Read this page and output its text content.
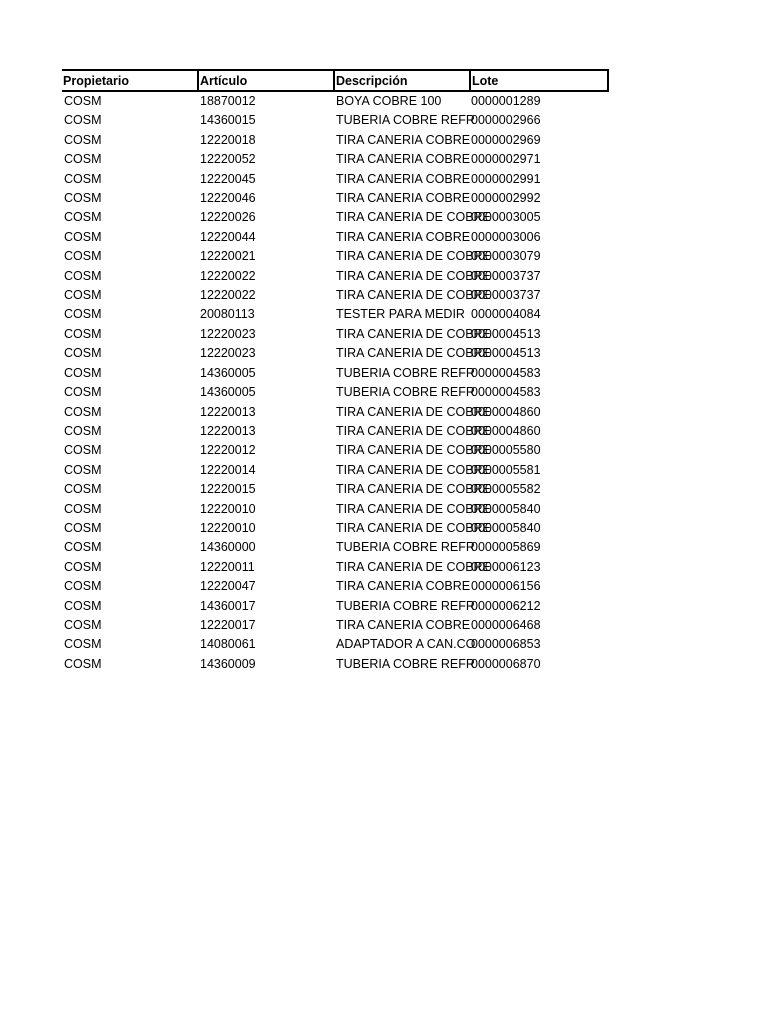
Propietario	Artículo	Descripción	Lote
COSM	18870012	BOYA COBRE 100	0000001289
COSM	14360015	TUBERIA COBRE REFR	0000002966
COSM	12220018	TIRA CANERIA COBRE	0000002969
COSM	12220052	TIRA CANERIA COBRE	0000002971
COSM	12220045	TIRA CANERIA COBRE	0000002991
COSM	12220046	TIRA CANERIA COBRE	0000002992
COSM	12220026	TIRA CANERIA DE COBRE	0000003005
COSM	12220044	TIRA CANERIA COBRE	0000003006
COSM	12220021	TIRA CANERIA DE COBRE	0000003079
COSM	12220022	TIRA CANERIA DE COBRE	0000003737
COSM	12220022	TIRA CANERIA DE COBRE	0000003737
COSM	20080113	TESTER PARA MEDIR	0000004084
COSM	12220023	TIRA CANERIA DE COBRE	0000004513
COSM	12220023	TIRA CANERIA DE COBRE	0000004513
COSM	14360005	TUBERIA COBRE REFR	0000004583
COSM	14360005	TUBERIA COBRE REFR	0000004583
COSM	12220013	TIRA CANERIA DE COBRE	0000004860
COSM	12220013	TIRA CANERIA DE COBRE	0000004860
COSM	12220012	TIRA CANERIA DE COBRE	0000005580
COSM	12220014	TIRA CANERIA DE COBRE	0000005581
COSM	12220015	TIRA CANERIA DE COBRE	0000005582
COSM	12220010	TIRA CANERIA DE COBRE	0000005840
COSM	12220010	TIRA CANERIA DE COBRE	0000005840
COSM	14360000	TUBERIA COBRE REFR	0000005869
COSM	12220011	TIRA CANERIA DE COBRE	0000006123
COSM	12220047	TIRA CANERIA COBRE	0000006156
COSM	14360017	TUBERIA COBRE REFR	0000006212
COSM	12220017	TIRA CANERIA COBRE	0000006468
COSM	14080061	ADAPTADOR A CAN.CO	0000006853
COSM	14360009	TUBERIA COBRE REFR	0000006870
